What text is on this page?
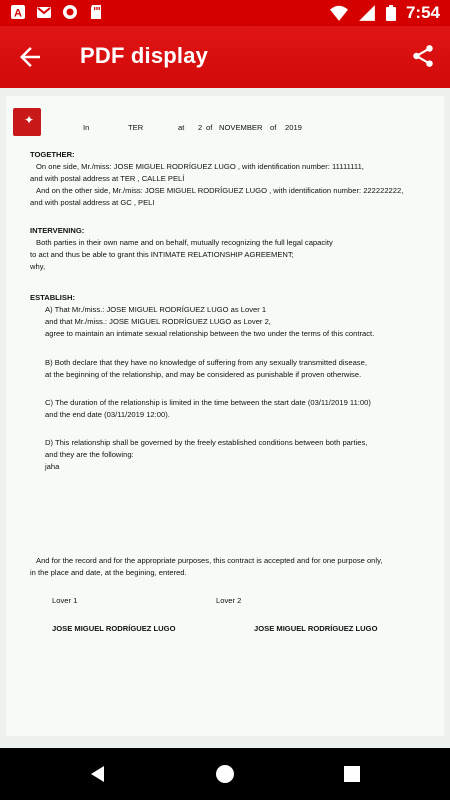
A	7:54
PDF display
✦
In	TER	at 2 of NOVEMBER of 2019
TOGETHER:
On one side, Mr./miss: JOSE MIGUEL RODRÍGUEZ LUGO , with identification number: 11111111,
and with postal address at TER , CALLE PELÍ
And on the other side, Mr./miss: JOSE MIGUEL RODRÍGUEZ LUGO , with identification number: 222222222,
and with postal address at GC , PELI
INTERVENING:
Both parties in their own name and on behalf, mutually recognizing the full legal capacity
to act and thus be able to grant this INTIMATE RELATIONSHIP AGREEMENT;
why,
ESTABLISH:
A) That Mr./miss.: JOSE MIGUEL RODRÍGUEZ LUGO as Lover 1
and that Mr./miss.: JOSE MIGUEL RODRÍGUEZ LUGO as Lover 2,
agree to maintain an intimate sexual relationship between the two under the terms of this contract.
B) Both declare that they have no knowledge of suffering from any sexually transmitted disease,
at the beginning of the relationship, and may be considered as punishable if proven otherwise.
C) The duration of the relationship is limited in the time between the start date (03/11/2019 11:00)
and the end date (03/11/2019 12:00).
D) This relationship shall be governed by the freely established conditions between both parties,
and they are the following:
jaha
And for the record and for the appropriate purposes, this contract is accepted and for one purpose only,
in the place and date, at the begining, entered.
Lover 1	Lover 2
JOSE MIGUEL RODRÍGUEZ LUGO	JOSE MIGUEL RODRÍGUEZ LUGO
